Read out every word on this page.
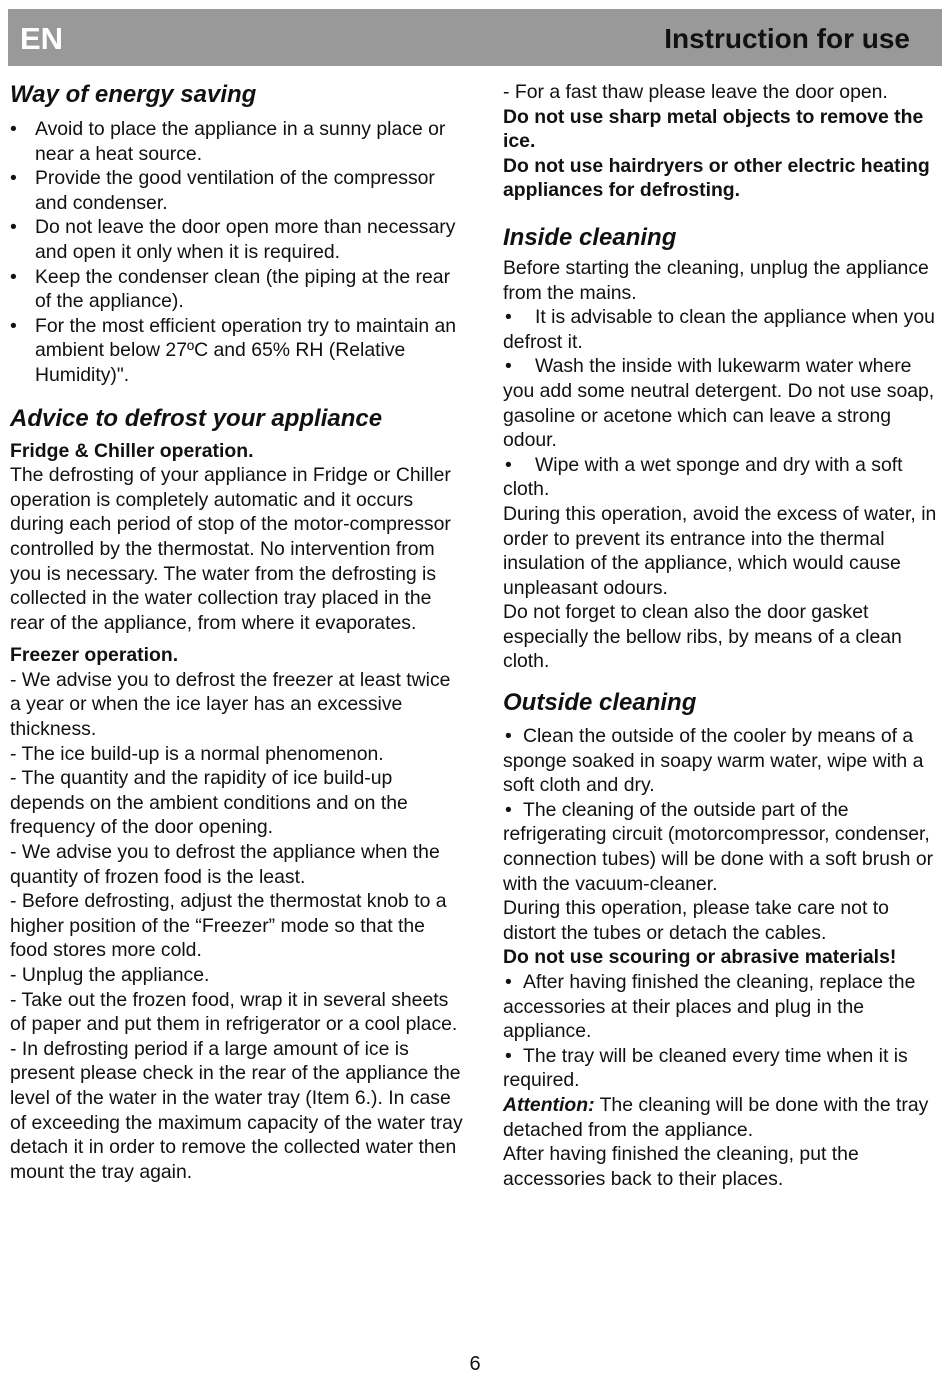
EN	Instruction for use
Way of energy saving

• Avoid to place the appliance in a sunny place or near a heat source.

• Provide the good ventilation of the compressor and condenser.

• Do not leave the door open more than necessary and open it only when it is required.

• Keep the condenser clean (the piping at the rear of the appliance).

• For the most efficient operation try to maintain an ambient below 27ºC and 65% RH (Relative Humidity)".

Advice to defrost your appliance

Fridge & Chiller operation.

The defrosting of your appliance in Fridge or Chiller operation is completely automatic and it occurs during each period of stop of the motor-compressor controlled by the thermostat. No intervention from you is necessary. The water from the defrosting is collected in the water collection tray placed in the rear of the appliance, from where it evaporates.

Freezer operation.

- We advise you to defrost the freezer at least twice a year or when the ice layer has an excessive thickness.

- The ice build-up is a normal phenomenon.

- The quantity and the rapidity of ice build-up depends on the ambient conditions and on the frequency of the door opening.

- We advise you to defrost the appliance when the quantity of frozen food is the least.

- Before defrosting, adjust the thermostat knob to a higher position of the “Freezer” mode so that the food stores more cold.

- Unplug the appliance.

- Take out the frozen food, wrap it in several sheets of paper and put them in refrigerator or a cool place.

- In defrosting period if a large amount of ice is present please check in the rear of the appliance the level of the water in the water tray (Item 6.). In case of exceeding the maximum capacity of the water tray detach it in order to remove the collected water then mount the tray again.

- For a fast thaw please leave the door open.

Do not use sharp metal objects to remove the ice.

Do not use hairdryers or other electric heating appliances for defrosting.

Inside cleaning

Before starting the cleaning, unplug the appliance from the mains.

• It is advisable to clean the appliance when you defrost it.

• Wash the inside with lukewarm water where you add some neutral detergent. Do not use soap, gasoline or acetone which can leave a strong odour.

• Wipe with a wet sponge and dry with a soft cloth.

During this operation, avoid the excess of water, in order to prevent its entrance into the thermal insulation of the appliance, which would cause unpleasant odours.

Do not forget to clean also the door gasket especially the bellow ribs, by means of a clean cloth.

Outside cleaning

• Clean the outside of the cooler by means of a sponge soaked in soapy warm water, wipe with a soft cloth and dry.

• The cleaning of the outside part of the refrigerating circuit (motorcompressor, condenser, connection tubes) will be done with a soft brush or with the vacuum-cleaner.

During this operation, please take care not to distort the tubes or detach the cables.

Do not use scouring or abrasive materials!

• After having finished the cleaning, replace the accessories at their places and plug in the appliance.

• The tray will be cleaned every time when it is required.

Attention: The cleaning will be done with the tray detached from the appliance.

After having finished the cleaning, put the accessories back to their places.

6
